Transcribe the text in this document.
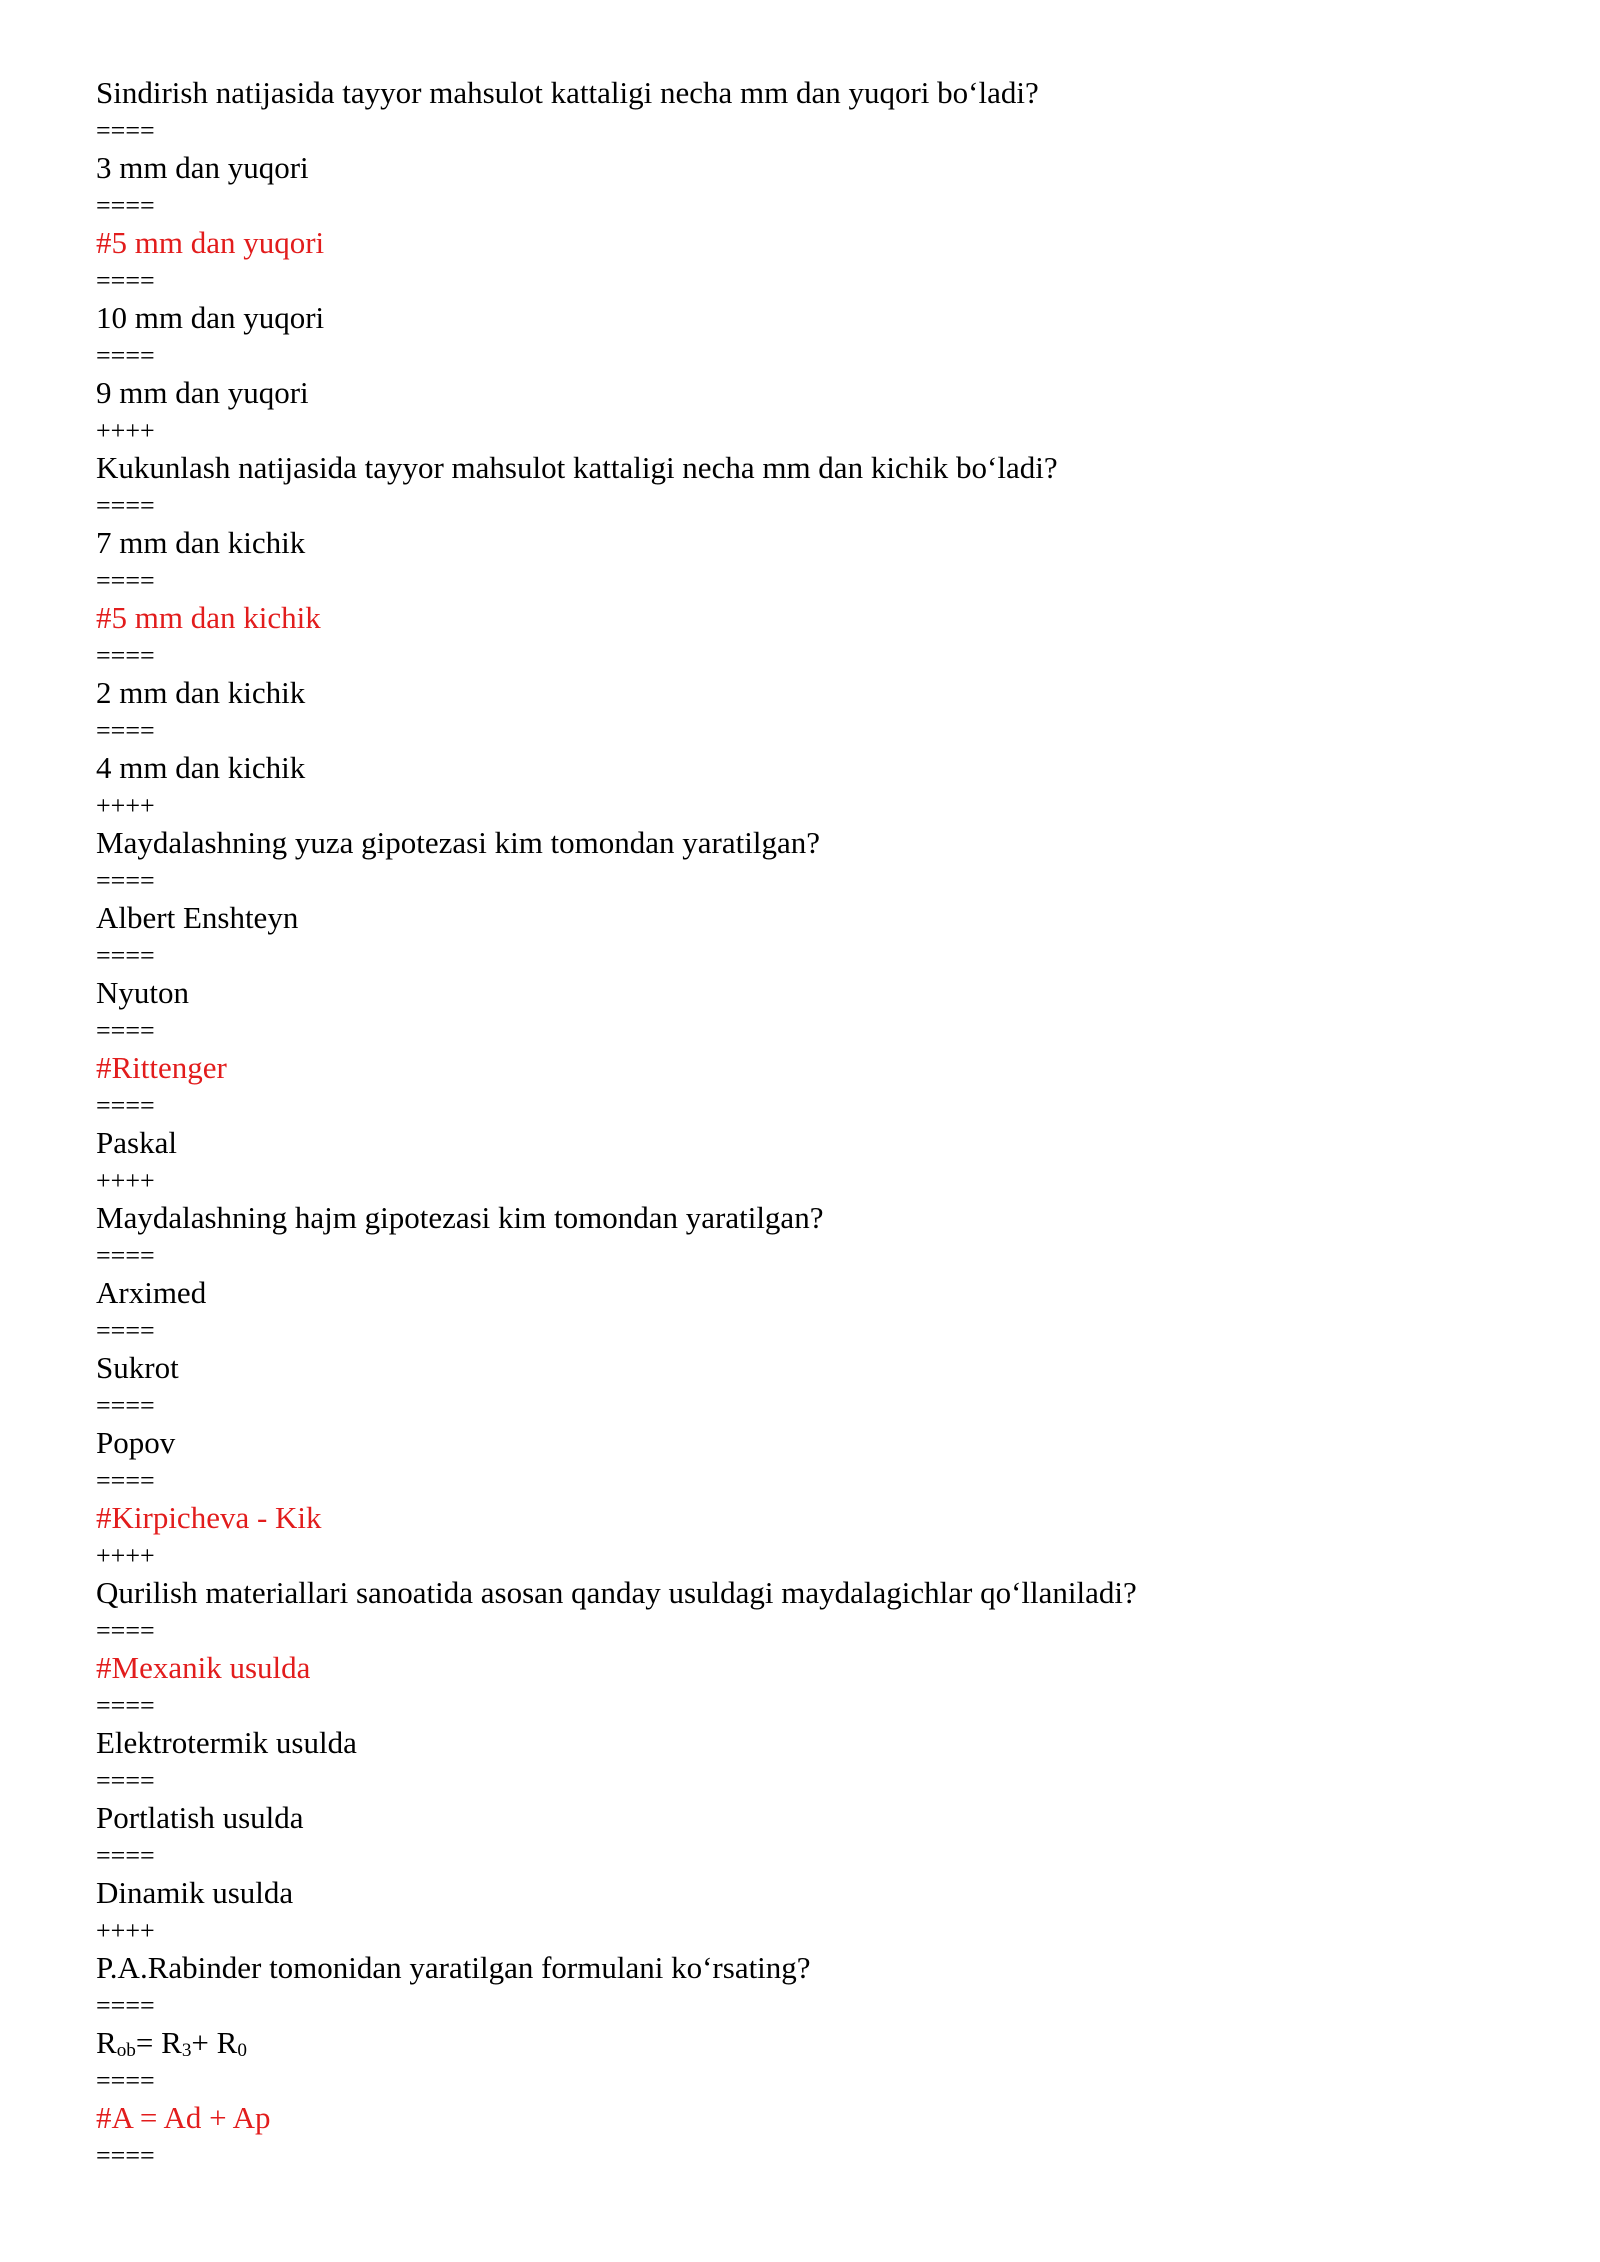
Sindirish natijasida tayyor mahsulot kattaligi necha mm dan yuqori boʻladi?
====
3 mm dan yuqori
====
#5 mm dan yuqori
====
10 mm dan yuqori
====
9 mm dan yuqori
++++
Kukunlash natijasida tayyor mahsulot kattaligi necha mm dan kichik boʻladi?
====
7 mm dan kichik
====
#5 mm dan kichik
====
2 mm dan kichik
====
4 mm dan kichik
++++
Maydalashning yuza gipotezasi kim tomondan yaratilgan?
====
Albert Enshteyn
====
Nyuton
====
#Rittenger
====
Paskal
++++
Maydalashning hajm gipotezasi kim tomondan yaratilgan?
====
Arximed
====
Sukrot
====
Popov
====
#Kirpicheva - Kik
++++
Qurilish materiallari sanoatida asosan qanday usuldagi maydalagichlar qoʻllaniladi?
====
#Mexanik usulda
====
Elektrotermik usulda
====
Portlatish usulda
====
Dinamik usulda
++++
P.A.Rabinder tomonidan yaratilgan formulani koʻrsating?
====
$R_{ob}= R_3+ R_0$
====
#A = Ad + Ap
====
